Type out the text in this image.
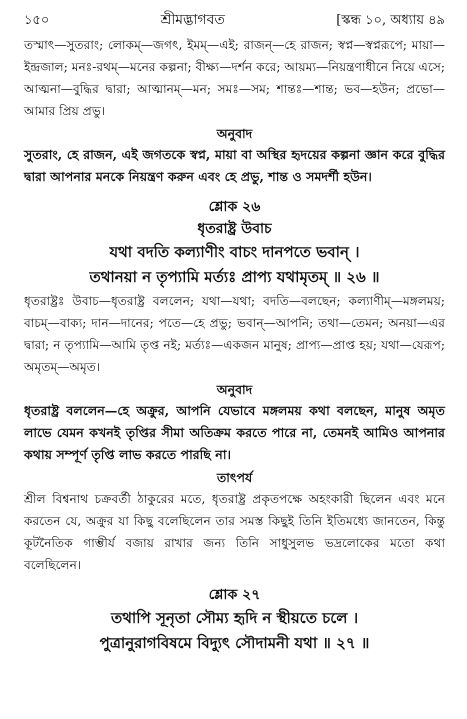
১৫০	শ্রীমদ্ভাগবত	[স্কন্ধ ১০, অধ্যায় ৪৯

তস্মাৎ—সুতরাং; লোকম্—জগৎ, ইমম্—এই; রাজন্—হে রাজন; স্বপ্ন—স্বপ্নরূপে; মায়া—ইন্দ্রজাল; মনঃ-রথম্—মনের কল্পনা; বীক্ষ্য—দর্শন করে; আয়ম্য—নিয়ন্ত্রণাধীনে নিয়ে এসে; আত্মনা—বুদ্ধির দ্বারা; আত্মানম্—মন; সমঃ—সম; শান্তঃ—শান্ত; ভব—হউন; প্রভো—আমার প্রিয় প্রভু।

অনুবাদ

সুতরাং, হে রাজন, এই জগতকে স্বপ্ন, মায়া বা অস্থির হৃদয়ের কল্পনা জ্ঞান করে বুদ্ধির দ্বারা আপনার মনকে নিয়ন্ত্রণ করুন এবং হে প্রভু, শান্ত ও সমদর্শী হউন।

শ্লোক ২৬
ধৃতরাষ্ট্র উবাচ
যথা বদতি কল্যাণীং বাচং দানপতে ভবান্ ।
তথানয়া ন তৃপ্যামি মর্ত্যঃ প্রাপ্য যথামৃতম্ ॥ ২৬ ॥

ধৃতরাষ্ট্রঃ উবাচ—ধৃতরাষ্ট্র বললেন; যথা—যথা; বদতি—বলছেন; কল্যাণীম্—মঙ্গলময়; বাচম্—বাক্য; দান—দানের; পতে—হে প্রভু; ভবান্—আপনি; তথা—তেমন; অনয়া—এর দ্বারা; ন তৃপ্যামি—আমি তৃপ্ত নই; মর্ত্যঃ—একজন মানুষ; প্রাপ্য—প্রাপ্ত হয়; যথা—যেরূপ; অমৃতম্—অমৃত।

অনুবাদ

ধৃতরাষ্ট্র বললেন—হে অক্রুর, আপনি যেভাবে মঙ্গলময় কথা বলছেন, মানুষ অমৃত লাভে যেমন কখনই তৃপ্তির সীমা অতিক্রম করতে পারে না, তেমনই আমিও আপনার কথায় সম্পূর্ণ তৃপ্তি লাভ করতে পারছি না।

তাৎপর্য

শ্রীল বিশ্বনাথ চক্রবর্তী ঠাকুরের মতে, ধৃতরাষ্ট্র প্রকৃতপক্ষে অহংকারী ছিলেন এবং মনে করতেন যে, অক্রুর যা কিছু বলেছিলেন তার সমস্ত কিছুই তিনি ইতিমধ্যে জানতেন, কিন্তু কূটনৈতিক গাম্ভীর্য বজায় রাখার জন্য তিনি সাধুসুলভ ভদ্রলোকের মতো কথা বলেছিলেন।

শ্লোক ২৭
তথাপি সূনৃতা সৌম্য হৃদি ন স্থীয়তে চলে ।
পুত্রানুরাগবিষমে বিদ্যুৎ সৌদামনী যথা ॥ ২৭ ॥
